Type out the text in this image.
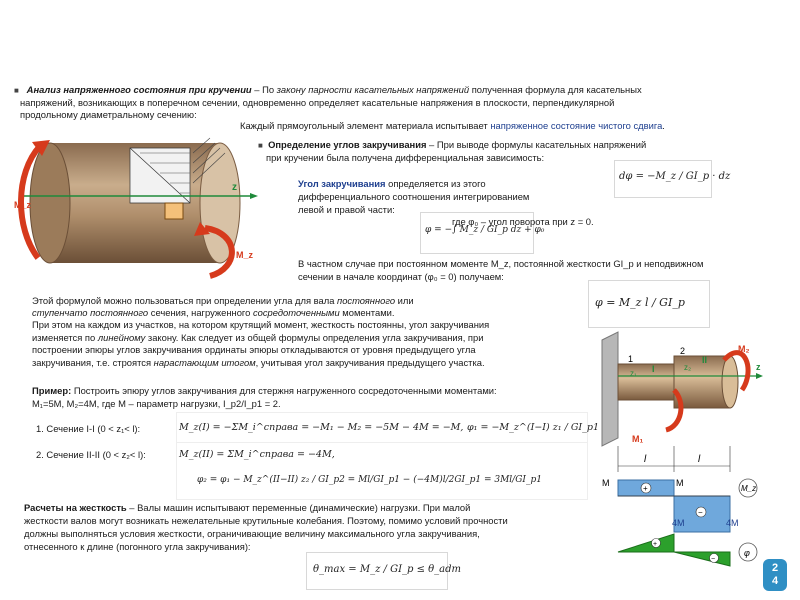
■ Анализ напряженного состояния при кручении – По закону парности касательных напряжений полученная формула для касательных
напряжений, возникающих в поперечном сечении, одновременно определяет касательные напряжения в плоскости, перпендикулярной
продольному диаметральному сечению:
z
M_z
M_z
Каждый прямоугольный элемент материала испытывает напряженное состояние чистого сдвига.
■ Определение углов закручивания – При выводе формулы касательных напряжений
при кручении была получена дифференциальная зависимость:
dφ = −M_z / GI_p · dz
Угол закручивания определяется из этого
дифференциального соотношения интегрированием
левой и правой части:
φ = −∫ M_z / GI_p dz + φ₀
где φ₀ – угол поворота при z = 0.
В частном случае при постоянном моменте M_z, постоянной жесткости GI_p и неподвижном
сечении в начале координат (φ₀ = 0) получаем:
φ = M_z l / GI_p
Этой формулой можно пользоваться при определении угла для вала постоянного или
ступенчато постоянного сечения, нагруженного сосредоточенными моментами.
При этом на каждом из участков, на котором крутящий момент, жесткость постоянны, угол закручивания
изменяется по линейному закону. Как следует из общей формулы определения угла закручивания, при
построении эпюры углов закручивания ординаты эпюры откладываются от уровня предыдущего угла
закручивания, т.е. строятся нарастающим итогом, учитывая угол закручивания предыдущего участка.
Пример: Построить эпюру углов закручивания для стержня нагруженного сосредоточенными моментами:
M₁=5M, M₂=4M, где M – параметр нагрузки, I_p2/I_p1 = 2.
1. Сечение I-I (0 < z₁< l):	M_z(I) = −ΣM_i^справа = −M₁ − M₂ = −5M − 4M = −M, φ₁ = −M_z^(I−I) z₁ / GI_p1
2. Сечение II-II (0 < z₂< l):	M_z(II) = ΣM_i^справа = −4M,
φ₂ = φ₁ − M_z^(II−II) z₂ / GI_p2 = Ml/GI_p1 − (−4M)l/2GI_p1 = 3Ml/GI_p1
Расчеты на жесткость – Валы машин испытывают переменные (динамические) нагрузки. При малой
жесткости валов могут возникать нежелательные крутильные колебания. Поэтому, помимо условий прочности
должны выполняться условия жесткости, ограничивающие величину максимального угла закручивания,
отнесенного к длине (погонного угла закручивания):
θ_max = M_z / GI_p ≤ θ_adm
z
1
2
I
II
z₁
z₂
M₁
M₂
l	l
M	M
+
−
4M	4M
M_z
+
−
φ
2
4
